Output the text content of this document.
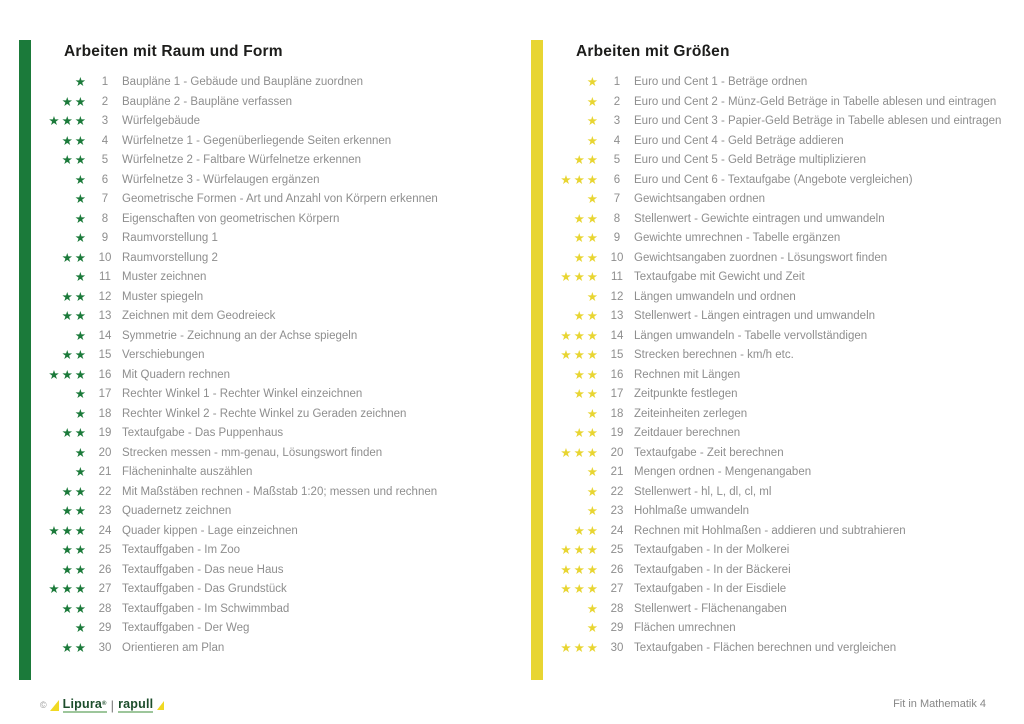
Arbeiten mit Raum und Form
★	1	Baupläne 1 - Gebäude und Baupläne zuordnen
★★	2	Baupläne 2 - Baupläne verfassen
★★★	3	Würfelgebäude
★★	4	Würfelnetze 1 - Gegenüberliegende Seiten erkennen
★★	5	Würfelnetze 2 - Faltbare Würfelnetze erkennen
★	6	Würfelnetze 3 - Würfelaugen ergänzen
★	7	Geometrische Formen - Art und Anzahl von Körpern erkennen
★	8	Eigenschaften von geometrischen Körpern
★	9	Raumvorstellung 1
★★ 10 Raumvorstellung 2
★ 11 Muster zeichnen
★★ 12 Muster spiegeln
★★ 13 Zeichnen mit dem Geodreieck
★ 14 Symmetrie - Zeichnung an der Achse spiegeln
★★ 15 Verschiebungen
★★★ 16 Mit Quadern rechnen
★ 17 Rechter Winkel 1 - Rechter Winkel einzeichnen
★ 18 Rechter Winkel 2 - Rechte Winkel zu Geraden zeichnen
★★ 19 Textaufgabe - Das Puppenhaus
★ 20 Strecken messen - mm-genau, Lösungswort finden
★ 21 Flächeninhalte auszählen
★★ 22 Mit Maßstäben rechnen - Maßstab 1:20; messen und rechnen
★★ 23 Quadernetz zeichnen
★★★ 24 Quader kippen - Lage einzeichnen
★★ 25 Textauffgaben - Im Zoo
★★ 26 Textauffgaben - Das neue Haus
★★★ 27 Textauffgaben - Das Grundstück
★★ 28 Textauffgaben - Im Schwimmbad
★ 29 Textauffgaben - Der Weg
★★ 30 Orientieren am Plan
Arbeiten mit Größen
★	1	Euro und Cent 1 - Beträge ordnen
★	2	Euro und Cent 2 - Münz-Geld Beträge in Tabelle ablesen und eintragen
★	3	Euro und Cent 3 - Papier-Geld Beträge in Tabelle ablesen und eintragen
★	4	Euro und Cent 4 - Geld Beträge addieren
★★	5	Euro und Cent 5 - Geld Beträge multiplizieren
★★★	6	Euro und Cent 6 - Textaufgabe (Angebote vergleichen)
★	7	Gewichtsangaben ordnen
★★	8	Stellenwert - Gewichte eintragen und umwandeln
★★	9	Gewichte umrechnen - Tabelle ergänzen
★★ 10 Gewichtsangaben zuordnen - Lösungswort finden
★★★ 11 Textaufgabe mit Gewicht und Zeit
★ 12 Längen umwandeln und ordnen
★★ 13 Stellenwert - Längen eintragen und umwandeln
★★★ 14 Längen umwandeln - Tabelle vervollständigen
★★★ 15 Strecken berechnen - km/h etc.
★★ 16 Rechnen mit Längen
★★ 17 Zeitpunkte festlegen
★ 18 Zeiteinheiten zerlegen
★★ 19 Zeitdauer berechnen
★★★ 20 Textaufgabe - Zeit berechnen
★ 21 Mengen ordnen - Mengenangaben
★ 22 Stellenwert - hl, L, dl, cl, ml
★ 23 Hohlmaße umwandeln
★★ 24 Rechnen mit Hohlmaßen - addieren und subtrahieren
★★★ 25 Textaufgaben - In der Molkerei
★★★ 26 Textaufgaben - In der Bäckerei
★★★ 27 Textaufgaben - In der Eisdiele
★ 28 Stellenwert - Flächenangaben
★ 29 Flächen umrechnen
★★★ 30 Textaufgaben - Flächen berechnen und vergleichen
© Lipura® | rapull	Fit in Mathematik 4
